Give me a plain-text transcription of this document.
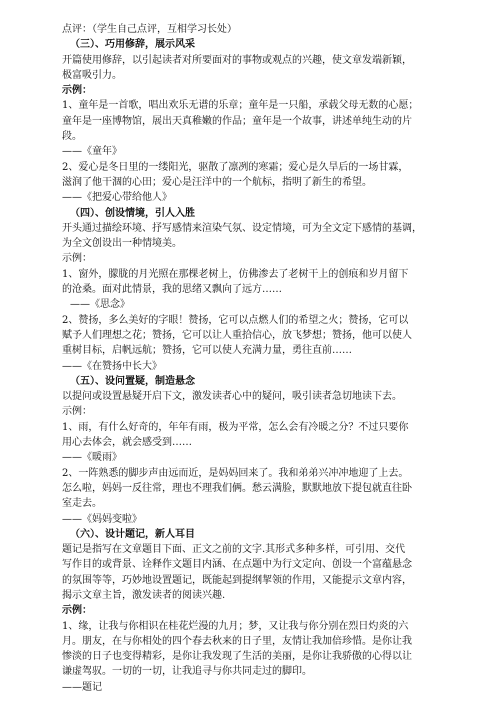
点评：（学生自己点评，互相学习长处）

（三）、巧用修辞，展示风采

开篇使用修辞，以引起读者对所要面对的事物或观点的兴趣，使文章发端新颖，

极富吸引力。

示例：

1、童年是一首歌，唱出欢乐无谱的乐章；童年是一只船，承载父母无数的心愿；

童年是一座博物馆，展出天真稚嫩的作品；童年是一个故事，讲述单纯生动的片

段。

——《童年》

2、爱心是冬日里的一缕阳光，驱散了凛冽的寒霜；爱心是久旱后的一场甘霖，

滋润了他干涸的心田；爱心是汪洋中的一个航标，指明了新生的希望。

——《把爱心带给他人》

（四）、创设情境，引人入胜

开头通过描绘环境、抒写感情来渲染气氛、设定情境，可为全文定下感情的基调，

为全文创设出一种情境美。

示例：

1、窗外，朦胧的月光照在那棵老树上，仿佛渗去了老树干上的创痕和岁月留下

的沧桑。面对此情景，我的思绪又飘向了远方……

——《思念》

2、赞扬，多么美好的字眼！赞扬，它可以点燃人们的希望之火；赞扬，它可以

赋予人们理想之花；赞扬，它可以让人重拾信心，放飞梦想；赞扬，他可以使人

重树目标，启帆远航；赞扬，它可以使人充满力量，勇往直前……

——《在赞扬中长大》

（五）、设问置疑，制造悬念

以提问或设置悬疑开启下文，激发读者心中的疑问，吸引读者急切地读下去。

示例：

1、雨，有什么好奇的，年年有雨，极为平常，怎么会有冷暖之分？不过只要你

用心去体会，就会感受到……

——《暖雨》

2、一阵熟悉的脚步声由远而近，是妈妈回来了。我和弟弟兴冲冲地迎了上去。

怎么啦，妈妈一反往常，理也不理我们俩。愁云满脸，默默地放下提包就直往卧

室走去。

——《妈妈变啦》

（六）、设计题记，新人耳目

题记是指写在文章题目下面、正文之前的文字.其形式多种多样，可引用、交代

写作目的或背景、诠释作文题目内涵、在点题中为行文定向、创设一个富蕴悬念

的氛围等等，巧妙地设置题记，既能起到提纲挈领的作用，又能提示文章内容，

揭示文章主旨，激发读者的阅读兴趣.

示例：

1、缘，让我与你相识在桂花烂漫的九月；梦，又让我与你分别在烈日灼炎的六

月。朋友，在与你相处的四个春去秋来的日子里，友情让我加倍珍惜。是你让我

惨淡的日子也变得精彩，是你让我发现了生活的美丽，是你让我骄傲的心得以让

谦虚驾驭。一切的一切，让我追寻与你共同走过的脚印。

——题记
